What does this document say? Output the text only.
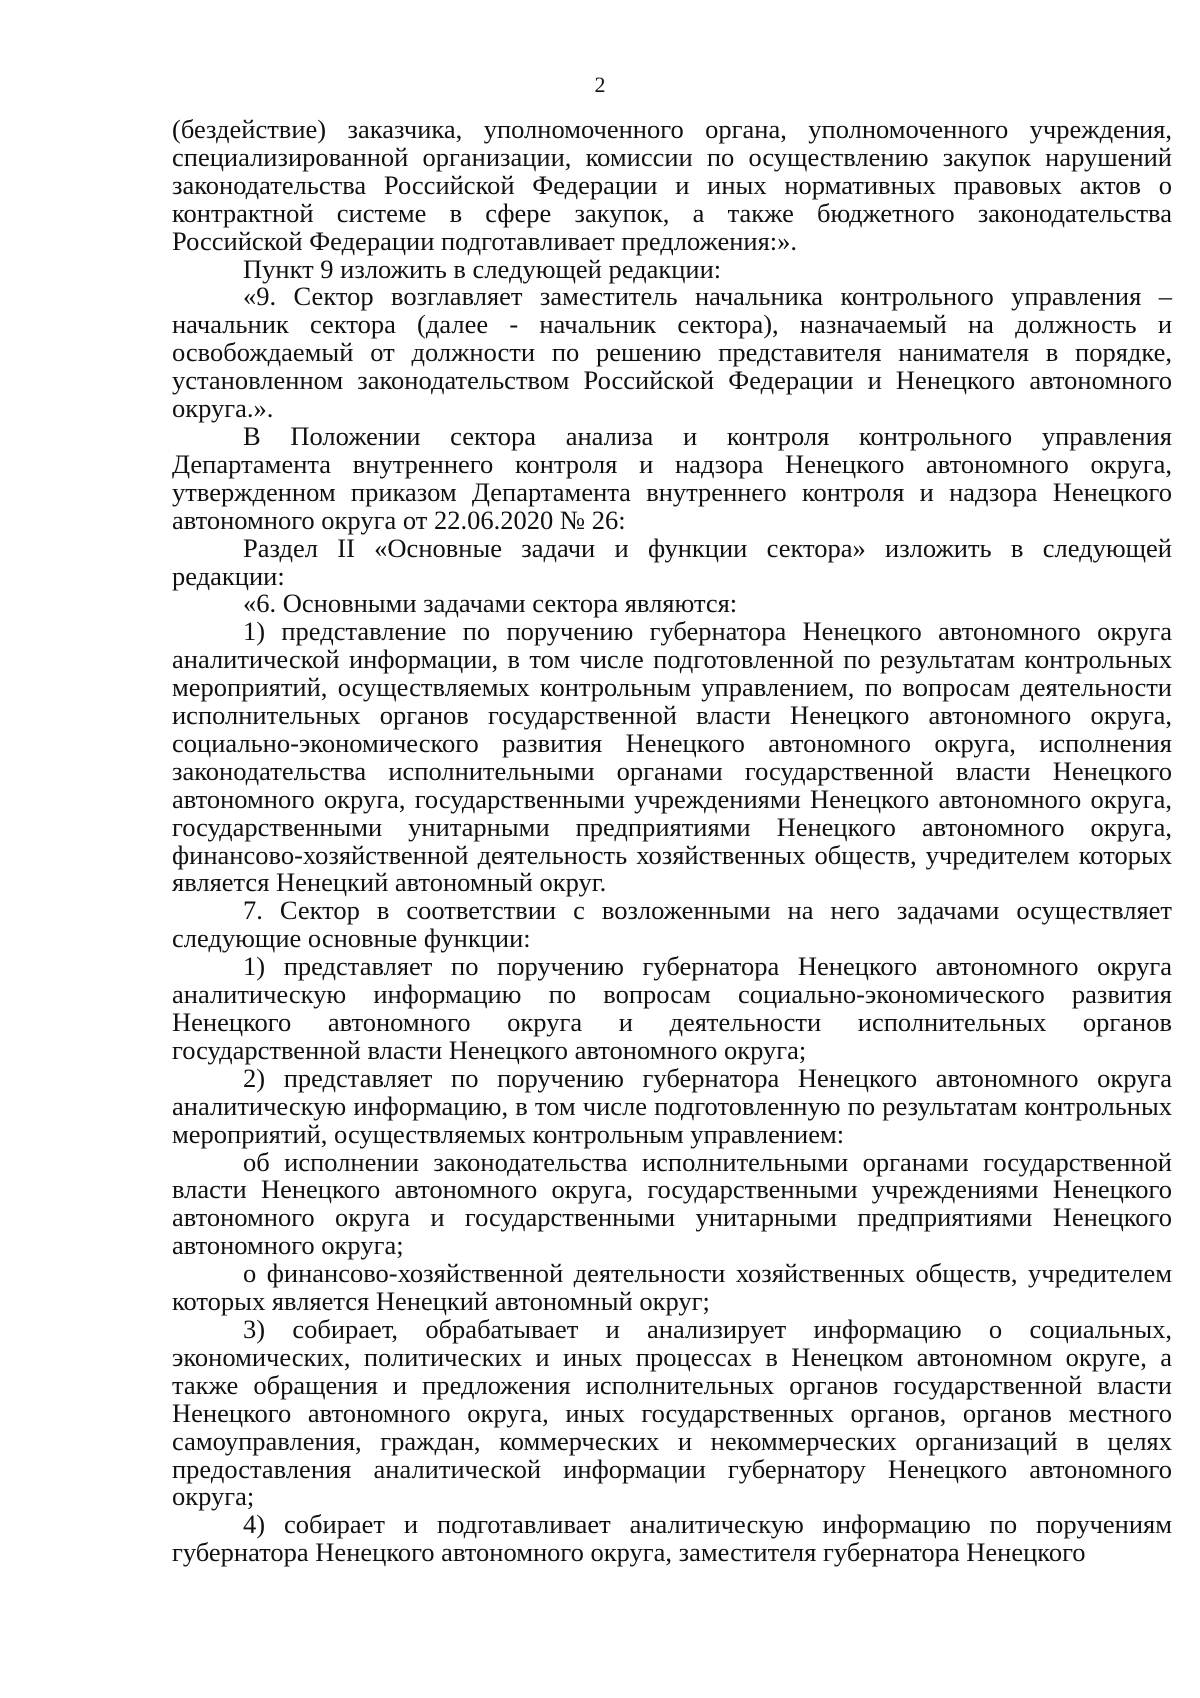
2

(бездействие) заказчика, уполномоченного органа, уполномоченного учреждения, специализированной организации, комиссии по осуществлению закупок нарушений законодательства Российской Федерации и иных нормативных правовых актов о контрактной системе в сфере закупок, а также бюджетного законодательства Российской Федерации подготавливает предложения:».

Пункт 9 изложить в следующей редакции:

«9. Сектор возглавляет заместитель начальника контрольного управления – начальник сектора (далее - начальник сектора), назначаемый на должность и освобождаемый от должности по решению представителя нанимателя в порядке, установленном законодательством Российской Федерации и Ненецкого автономного округа.».

В Положении сектора анализа и контроля контрольного управления Департамента внутреннего контроля и надзора Ненецкого автономного округа, утвержденном приказом Департамента внутреннего контроля и надзора Ненецкого автономного округа от 22.06.2020 № 26:

Раздел II «Основные задачи и функции сектора» изложить в следующей редакции:

«6. Основными задачами сектора являются:

1) представление по поручению губернатора Ненецкого автономного округа аналитической информации, в том числе подготовленной по результатам контрольных мероприятий, осуществляемых контрольным управлением, по вопросам деятельности исполнительных органов государственной власти Ненецкого автономного округа, социально-экономического развития Ненецкого автономного округа, исполнения законодательства исполнительными органами государственной власти Ненецкого автономного округа, государственными учреждениями Ненецкого автономного округа, государственными унитарными предприятиями Ненецкого автономного округа, финансово-хозяйственной деятельность хозяйственных обществ, учредителем которых является Ненецкий автономный округ.

7. Сектор в соответствии с возложенными на него задачами осуществляет следующие основные функции:

1) представляет по поручению губернатора Ненецкого автономного округа аналитическую информацию по вопросам социально-экономического развития Ненецкого автономного округа и деятельности исполнительных органов государственной власти Ненецкого автономного округа;

2) представляет по поручению губернатора Ненецкого автономного округа аналитическую информацию, в том числе подготовленную по результатам контрольных мероприятий, осуществляемых контрольным управлением:

об исполнении законодательства исполнительными органами государственной власти Ненецкого автономного округа, государственными учреждениями Ненецкого автономного округа и государственными унитарными предприятиями Ненецкого автономного округа;

о финансово-хозяйственной деятельности хозяйственных обществ, учредителем которых является Ненецкий автономный округ;

3) собирает, обрабатывает и анализирует информацию о социальных, экономических, политических и иных процессах в Ненецком автономном округе, а также обращения и предложения исполнительных органов государственной власти Ненецкого автономного округа, иных государственных органов, органов местного самоуправления, граждан, коммерческих и некоммерческих организаций в целях предоставления аналитической информации губернатору Ненецкого автономного округа;

4) собирает и подготавливает аналитическую информацию по поручениям губернатора Ненецкого автономного округа, заместителя губернатора Ненецкого
